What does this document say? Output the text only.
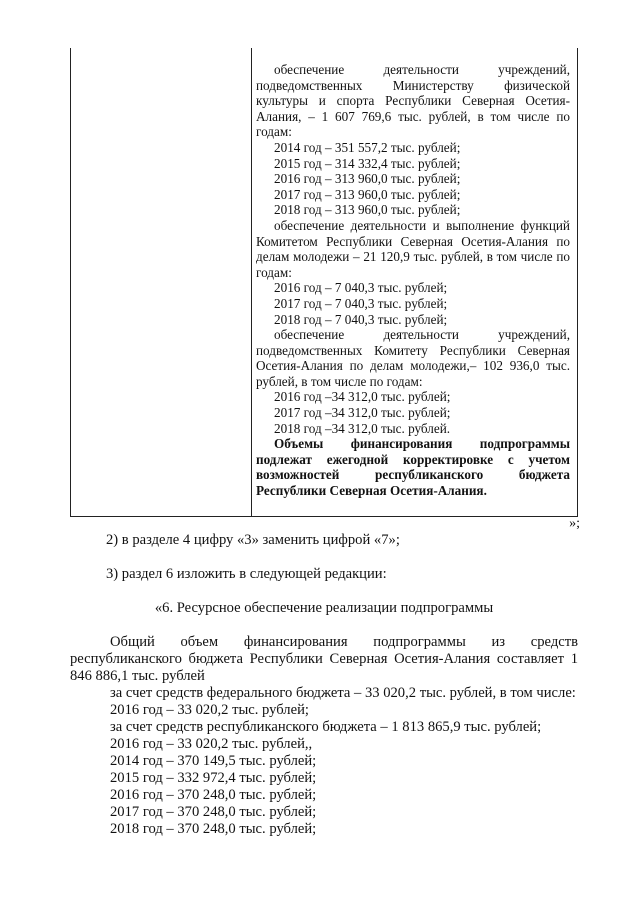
обеспечение деятельности учреждений, подведомственных Министерству физической культуры и спорта Республики Северная Осетия-Алания, – 1 607 769,6 тыс. рублей, в том числе по годам:

2014 год – 351 557,2 тыс. рублей;

2015 год – 314 332,4 тыс. рублей;

2016 год – 313 960,0 тыс. рублей;

2017 год – 313 960,0 тыс. рублей;

2018 год – 313 960,0 тыс. рублей;

обеспечение деятельности и выполнение функций Комитетом Республики Северная Осетия-Алания по делам молодежи – 21 120,9 тыс. рублей, в том числе по годам:

2016 год – 7 040,3 тыс. рублей;

2017 год – 7 040,3 тыс. рублей;

2018 год – 7 040,3 тыс. рублей;

обеспечение деятельности учреждений, подведомственных Комитету Республики Северная Осетия-Алания по делам молодежи,– 102 936,0 тыс. рублей, в том числе по годам:

2016 год –34 312,0 тыс. рублей;

2017 год –34 312,0 тыс. рублей;

2018 год –34 312,0 тыс. рублей.

Объемы финансирования подпрограммы подлежат ежегодной корректировке с учетом возможностей республиканского бюджета Республики Северная Осетия-Алания.

»;
2) в разделе 4 цифру «3» заменить цифрой «7»;
3) раздел 6 изложить в следующей редакции:
«6. Ресурсное обеспечение реализации подпрограммы

Общий объем финансирования подпрограммы из средств республиканского бюджета Республики Северная Осетия-Алания составляет 1 846 886,1 тыс. рублей

за счет средств федерального бюджета – 33 020,2 тыс. рублей, в том числе:

2016 год – 33 020,2 тыс. рублей;

за счет средств республиканского бюджета – 1 813 865,9 тыс. рублей;

2016 год – 33 020,2 тыс. рублей,,

2014 год – 370 149,5 тыс. рублей;

2015 год – 332 972,4 тыс. рублей;

2016 год – 370 248,0 тыс. рублей;

2017 год – 370 248,0 тыс. рублей;

2018 год – 370 248,0 тыс. рублей;
